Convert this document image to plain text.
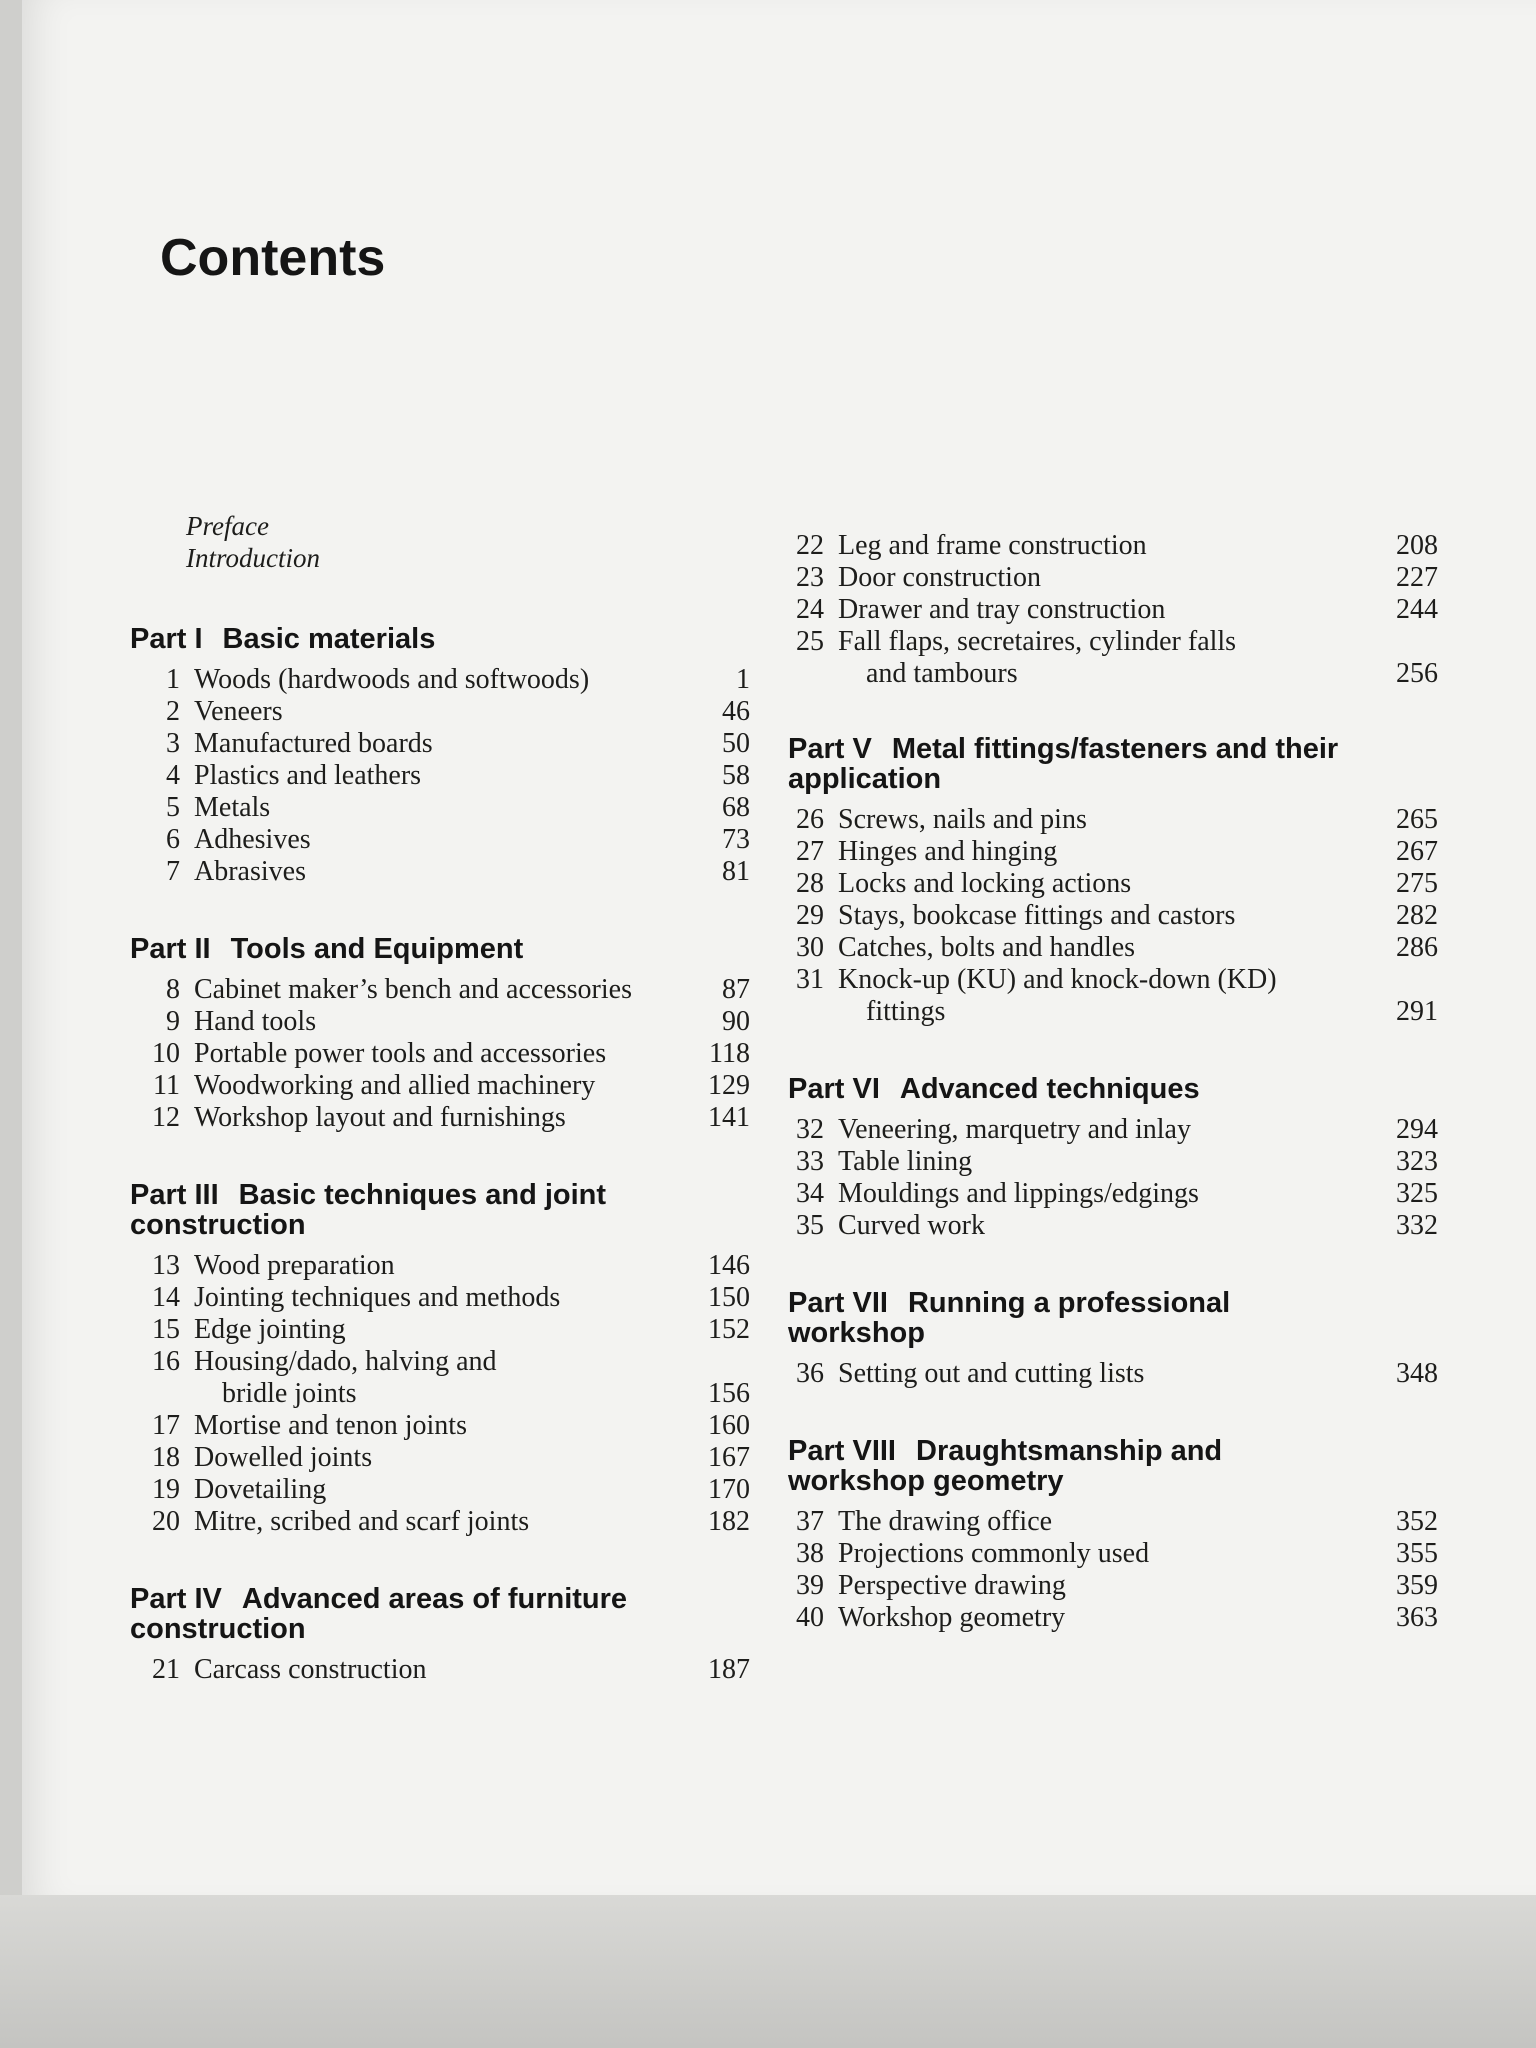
Contents
Preface
Introduction
Part I Basic materials
1 Woods (hardwoods and softwoods)	1
2 Veneers	46
3 Manufactured boards	50
4 Plastics and leathers	58
5 Metals	68
6 Adhesives	73
7 Abrasives	81
Part II Tools and Equipment
8 Cabinet maker’s bench and accessories	87
9 Hand tools	90
10 Portable power tools and accessories	118
11 Woodworking and allied machinery	129
12 Workshop layout and furnishings	141
Part III Basic techniques and joint construction
13 Wood preparation	146
14 Jointing techniques and methods	150
15 Edge jointing	152
16 Housing/dado, halving and
bridle joints	156
17 Mortise and tenon joints	160
18 Dowelled joints	167
19 Dovetailing	170
20 Mitre, scribed and scarf joints	182
Part IV Advanced areas of furniture construction
21 Carcass construction	187
22 Leg and frame construction	208
23 Door construction	227
24 Drawer and tray construction	244
25 Fall flaps, secretaires, cylinder falls
and tambours	256
Part V Metal fittings/fasteners and their application
26 Screws, nails and pins	265
27 Hinges and hinging	267
28 Locks and locking actions	275
29 Stays, bookcase fittings and castors	282
30 Catches, bolts and handles	286
31 Knock-up (KU) and knock-down (KD)
fittings	291
Part VI Advanced techniques
32 Veneering, marquetry and inlay	294
33 Table lining	323
34 Mouldings and lippings/edgings	325
35 Curved work	332
Part VII Running a professional workshop
36 Setting out and cutting lists	348
Part VIII Draughtsmanship and workshop geometry
37 The drawing office	352
38 Projections commonly used	355
39 Perspective drawing	359
40 Workshop geometry	363
